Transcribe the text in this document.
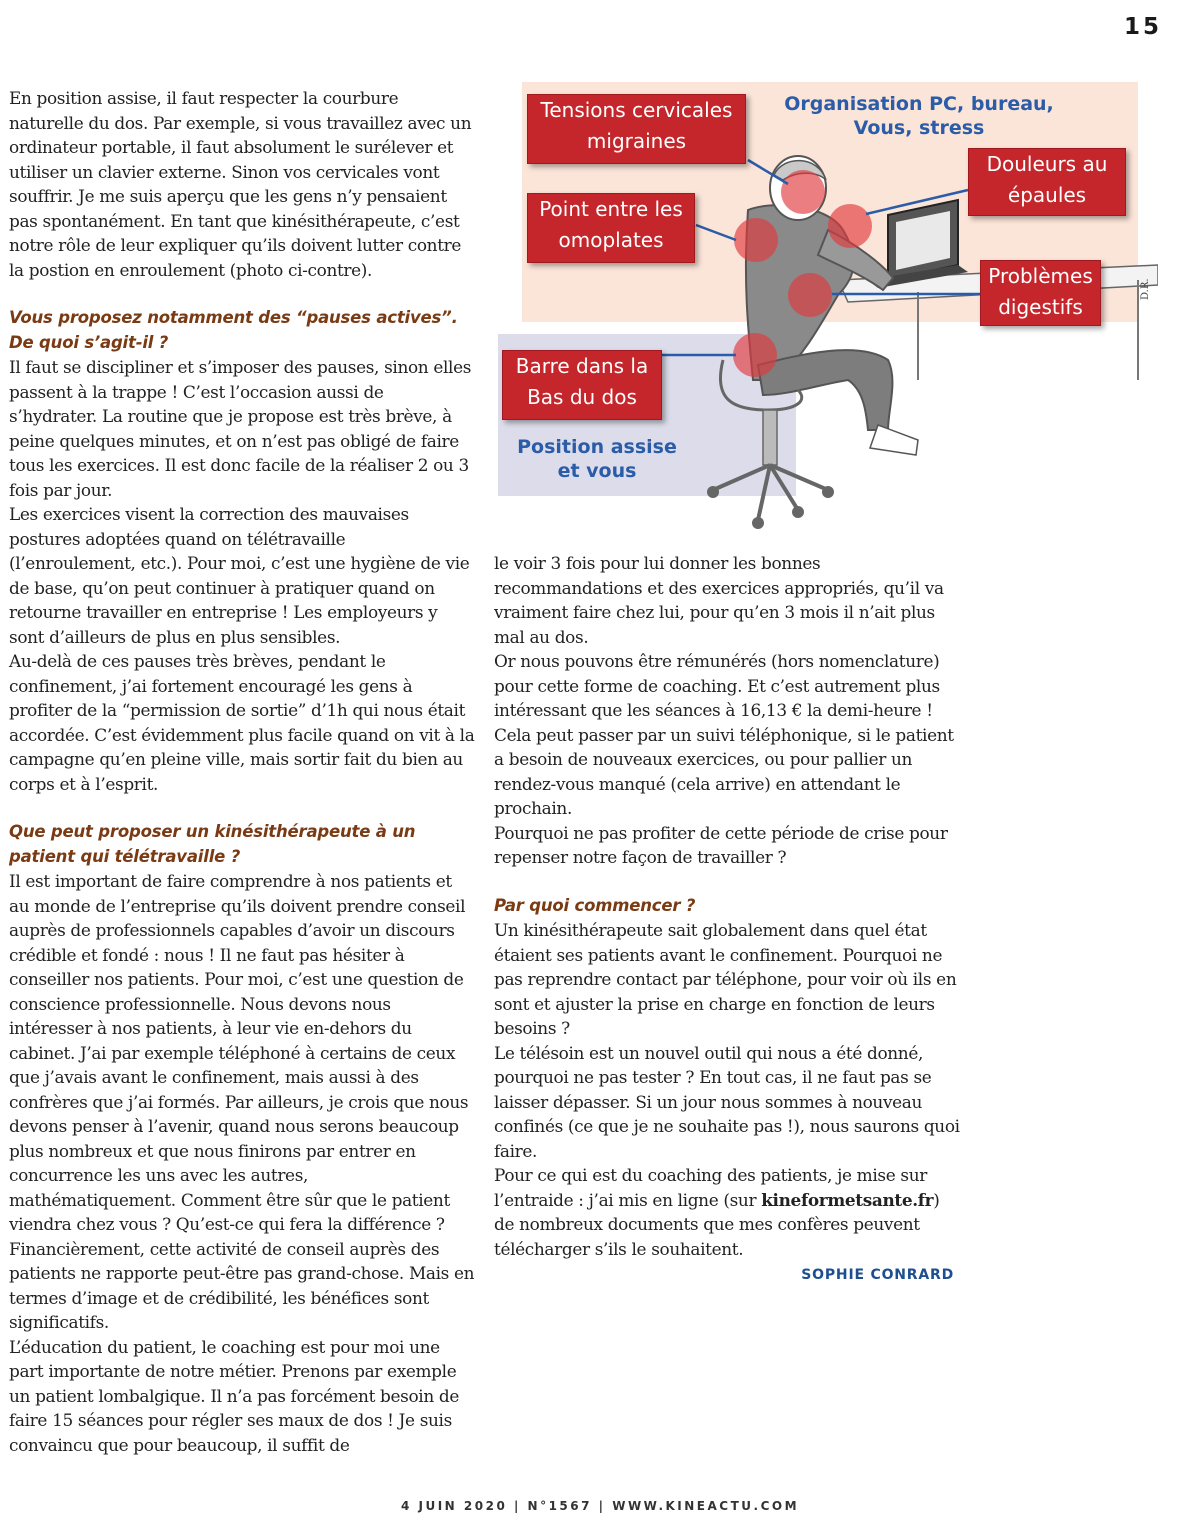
15
Tensions cervicales migraines
Organisation PC, bureau, Vous, stress
Douleurs au épaules
Point entre les omoplates
Problèmes digestifs
Barre dans la Bas du dos
Position assise et vous
D.R.

En position assise, il faut respecter la courbure naturelle du dos. Par exemple, si vous travaillez avec un ordinateur portable, il faut absolument le surélever et utiliser un clavier externe. Sinon vos cervicales vont souffrir. Je me suis aperçu que les gens n’y pensaient pas spontanément. En tant que kinésithérapeute, c’est notre rôle de leur expliquer qu’ils doivent lutter contre la postion en enroulement (photo ci-contre).

Vous proposez notamment des “pauses actives”. De quoi s’agit-il ?

Il faut se discipliner et s’imposer des pauses, sinon elles passent à la trappe ! C’est l’occasion aussi de s’hydrater. La routine que je propose est très brève, à peine quelques minutes, et on n’est pas obligé de faire tous les exercices. Il est donc facile de la réaliser 2 ou 3 fois par jour.

Les exercices visent la correction des mauvaises postures adoptées quand on télétravaille (l’enroulement, etc.). Pour moi, c’est une hygiène de vie de base, qu’on peut continuer à pratiquer quand on retourne travailler en entreprise ! Les employeurs y sont d’ailleurs de plus en plus sensibles.

Au-delà de ces pauses très brèves, pendant le confinement, j’ai fortement encouragé les gens à profiter de la “permission de sortie” d’1h qui nous était accordée. C’est évidemment plus facile quand on vit à la campagne qu’en pleine ville, mais sortir fait du bien au corps et à l’esprit.

Que peut proposer un kinésithérapeute à un patient qui télétravaille ?

Il est important de faire comprendre à nos patients et au monde de l’entreprise qu’ils doivent prendre conseil auprès de professionnels capables d’avoir un discours crédible et fondé : nous ! Il ne faut pas hésiter à conseiller nos patients. Pour moi, c’est une question de conscience professionnelle. Nous devons nous intéresser à nos patients, à leur vie en-dehors du cabinet. J’ai par exemple téléphoné à certains de ceux que j’avais avant le confinement, mais aussi à des confrères que j’ai formés. Par ailleurs, je crois que nous devons penser à l’avenir, quand nous serons beaucoup plus nombreux et que nous finirons par entrer en concurrence les uns avec les autres, mathématiquement. Comment être sûr que le patient viendra chez vous ? Qu’est-ce qui fera la différence ?

Financièrement, cette activité de conseil auprès des patients ne rapporte peut-être pas grand-chose. Mais en termes d’image et de crédibilité, les bénéfices sont significatifs.

L’éducation du patient, le coaching est pour moi une part importante de notre métier. Prenons par exemple un patient lombalgique. Il n’a pas forcément besoin de faire 15 séances pour régler ses maux de dos ! Je suis convaincu que pour beaucoup, il suffit de

le voir 3 fois pour lui donner les bonnes recommandations et des exercices appropriés, qu’il va vraiment faire chez lui, pour qu’en 3 mois il n’ait plus mal au dos.

Or nous pouvons être rémunérés (hors nomenclature) pour cette forme de coaching. Et c’est autrement plus intéressant que les séances à 16,13 € la demi-heure ! Cela peut passer par un suivi téléphonique, si le patient a besoin de nouveaux exercices, ou pour pallier un rendez-vous manqué (cela arrive) en attendant le prochain.

Pourquoi ne pas profiter de cette période de crise pour repenser notre façon de travailler ?

Par quoi commencer ?

Un kinésithérapeute sait globalement dans quel état étaient ses patients avant le confinement. Pourquoi ne pas reprendre contact par téléphone, pour voir où ils en sont et ajuster la prise en charge en fonction de leurs besoins ?

Le télésoin est un nouvel outil qui nous a été donné, pourquoi ne pas tester ? En tout cas, il ne faut pas se laisser dépasser. Si un jour nous sommes à nouveau confinés (ce que je ne souhaite pas !), nous saurons quoi faire.

Pour ce qui est du coaching des patients, je mise sur l’entraide : j’ai mis en ligne (sur kineformetsante.fr) de nombreux documents que mes confères peuvent télécharger s’ils le souhaitent.

SOPHIE CONRARD
4 JUIN 2020 | N°1567 | WWW.KINEACTU.COM
